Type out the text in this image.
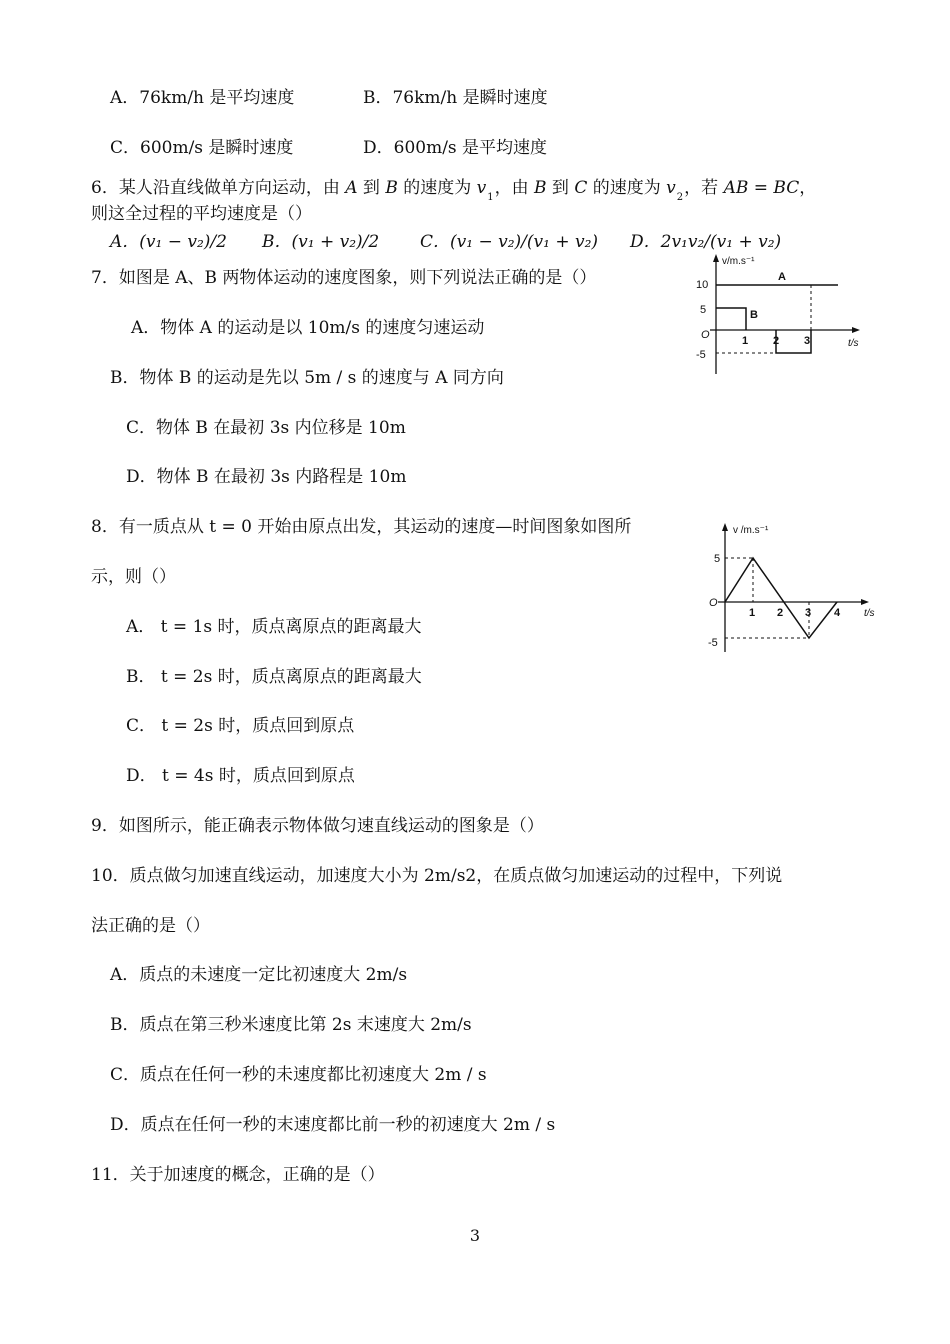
A．76km/h 是平均速度	B．76km/h 是瞬时速度
C．600m/s 是瞬时速度	D．600m/s 是平均速度
6．某人沿直线做单方向运动，由 A 到 B 的速度为 $v_1$，由 B 到 C 的速度为 $v_2$，若 AB = BC，
则这全过程的平均速度是（）
A．(v₁ − v₂)/2 B．(v₁ + v₂)/2 C．(v₁ − v₂)/(v₁ + v₂) D．2v₁v₂/(v₁ + v₂)
7．如图是 A、B 两物体运动的速度图象，则下列说法正确的是（）
A．物体 A 的运动是以 10m/s 的速度匀速运动
B．物体 B 的运动是先以 5m / s 的速度与 A 同方向
C．物体 B 在最初 3s 内位移是 10m
D．物体 B 在最初 3s 内路程是 10m
v/m.s⁻¹
t/s
O
10
5
-5
1 2 3
A
B
8．有一质点从 t = 0 开始由原点出发，其运动的速度—时间图象如图所
示，则（）
A． t = 1s 时，质点离原点的距离最大
B． t = 2s 时，质点离原点的距离最大
C． t = 2s 时，质点回到原点
D． t = 4s 时，质点回到原点
v /m.s⁻¹
t/s
O
5
-5
1 2 3 4
9．如图所示，能正确表示物体做匀速直线运动的图象是（）
10．质点做匀加速直线运动，加速度大小为 2m/s2，在质点做匀加速运动的过程中，下列说
法正确的是（）
A．质点的未速度一定比初速度大 2m/s
B．质点在第三秒米速度比第 2s 末速度大 2m/s
C．质点在任何一秒的未速度都比初速度大 2m / s
D．质点在任何一秒的末速度都比前一秒的初速度大 2m / s
11．关于加速度的概念，正确的是（）
3
